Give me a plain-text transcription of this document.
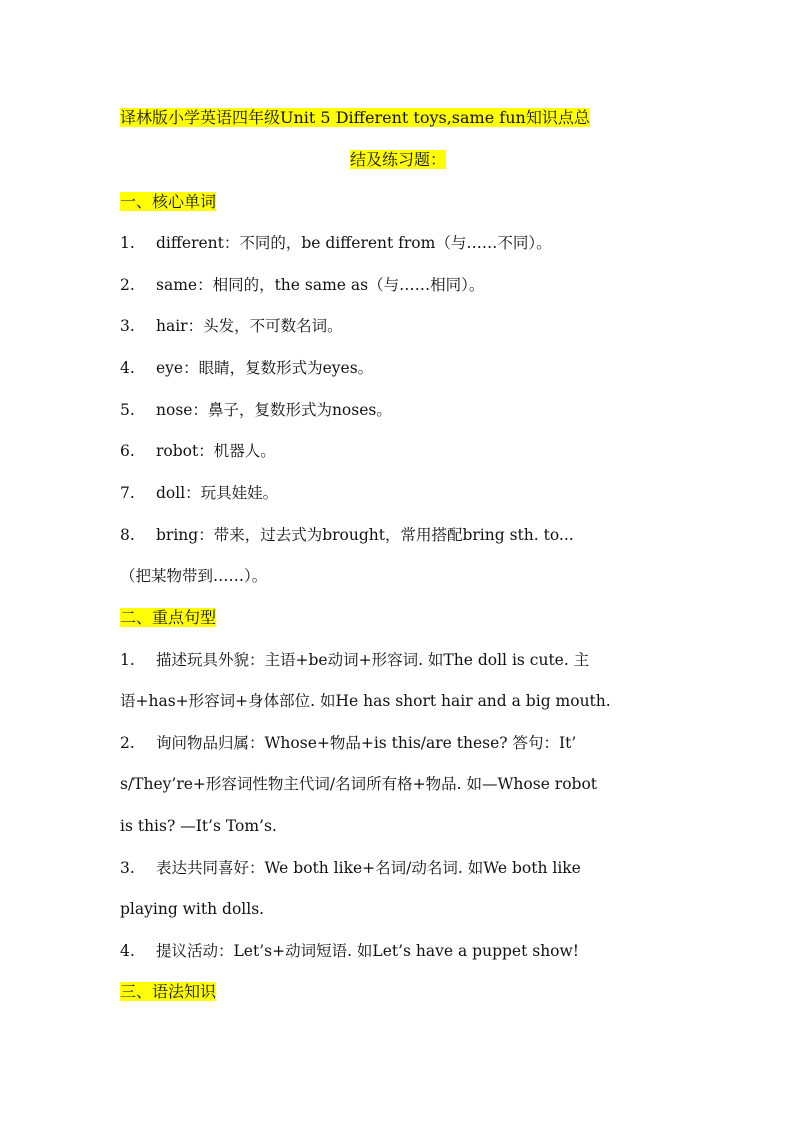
译林版小学英语四年级Unit 5 Different toys,same fun知识点总
结及练习题：
一、核心单词
1. different：不同的，be different from（与……不同）。
2. same：相同的，the same as（与……相同）。
3. hair：头发，不可数名词。
4. eye：眼睛，复数形式为eyes。
5. nose：鼻子，复数形式为noses。
6. robot：机器人。
7. doll：玩具娃娃。
8. bring：带来，过去式为brought，常用搭配bring sth. to...
（把某物带到……）。
二、重点句型
1. 描述玩具外貌：主语+be动词+形容词. 如The doll is cute. 主
语+has+形容词+身体部位. 如He has short hair and a big mouth.
2. 询问物品归属：Whose+物品+is this/are these? 答句：It’
s/They’re+形容词性物主代词/名词所有格+物品. 如—Whose robot
is this? —It’s Tom’s.
3. 表达共同喜好：We both like+名词/动名词. 如We both like
playing with dolls.
4. 提议活动：Let’s+动词短语. 如Let’s have a puppet show!
三、语法知识
